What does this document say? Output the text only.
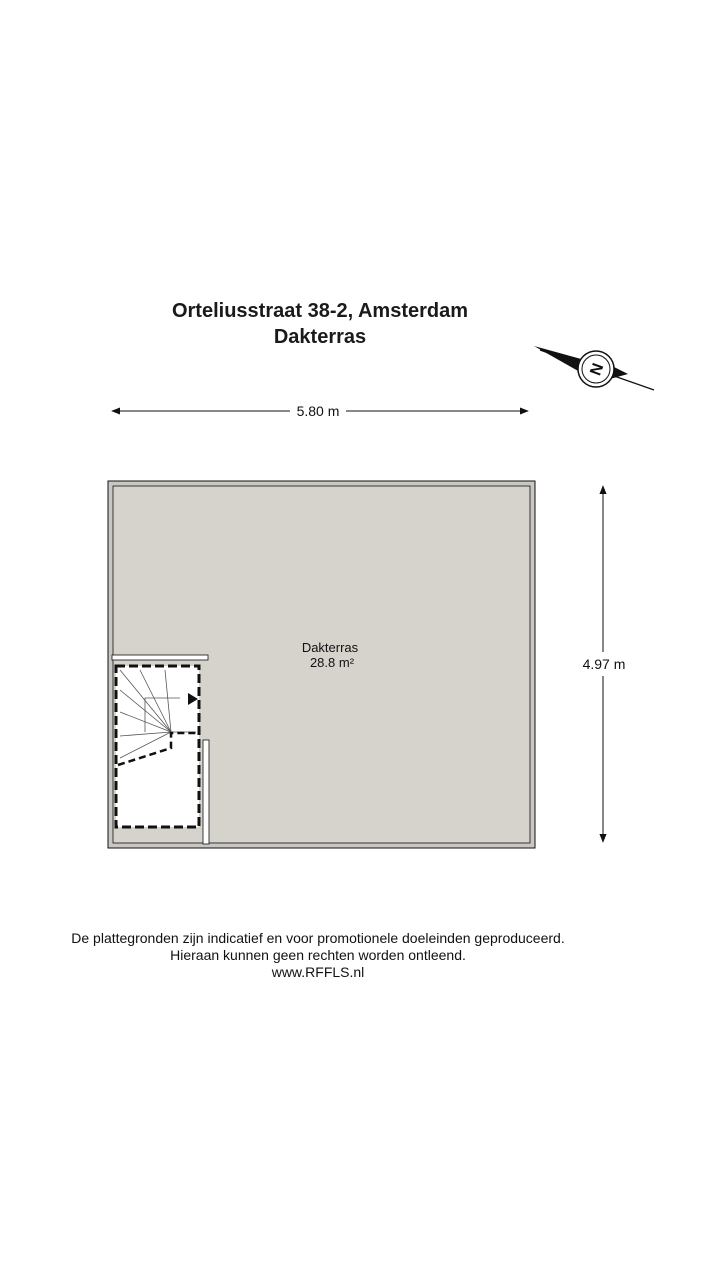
Orteliusstraat 38-2, Amsterdam
Dakterras
5.80 m
4.97 m
N
Dakterras
28.8 m²
De plattegronden zijn indicatief en voor promotionele doeleinden geproduceerd.
Hieraan kunnen geen rechten worden ontleend.
www.RFFLS.nl
